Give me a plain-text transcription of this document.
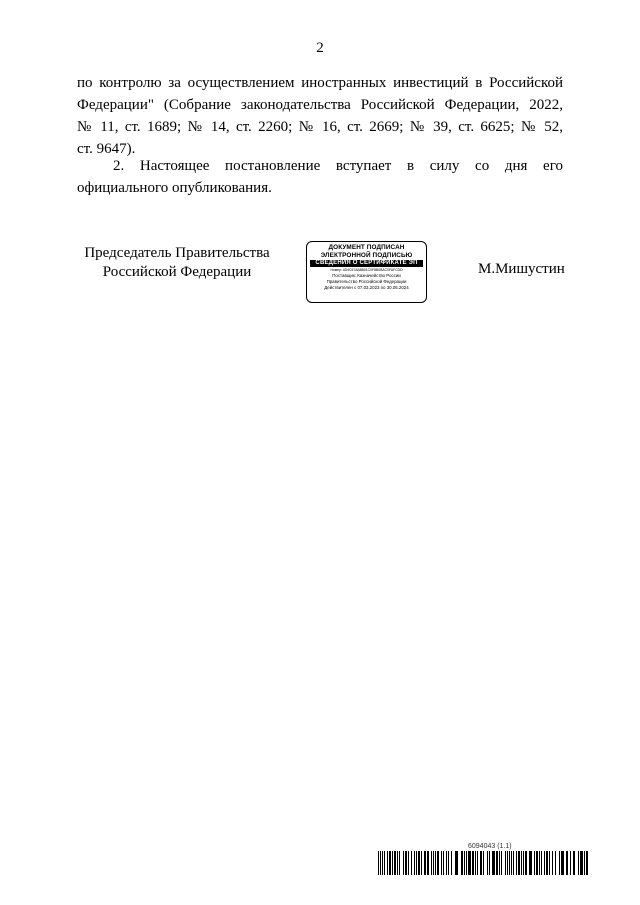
2
по контролю за осуществлением иностранных инвестиций в Российской
Федерации" (Собрание законодательства Российской Федерации, 2022,
№ 11, ст. 1689; № 14, ст. 2260; № 16, ст. 2669; № 39, ст. 6625; № 52,
ст. 9647).
2. Настоящее постановление вступает в силу со дня его
официального опубликования.
Председатель Правительства
Российской Федерации
ДОКУМЕНТ ПОДПИСАН
ЭЛЕКТРОННОЙ ПОДПИСЬЮ
СВЕДЕНИЯ О СЕРТИФИКАТЕ ЭП
Номер: 4D4C57AB8B01C0F8B0BAC0FAFCDD
Поставщик: Казначейство России
Правительство Российской Федерации
Действителен с 07.03.2023 по 30.05.2024
М.Мишустин
6094043 (1.1)
